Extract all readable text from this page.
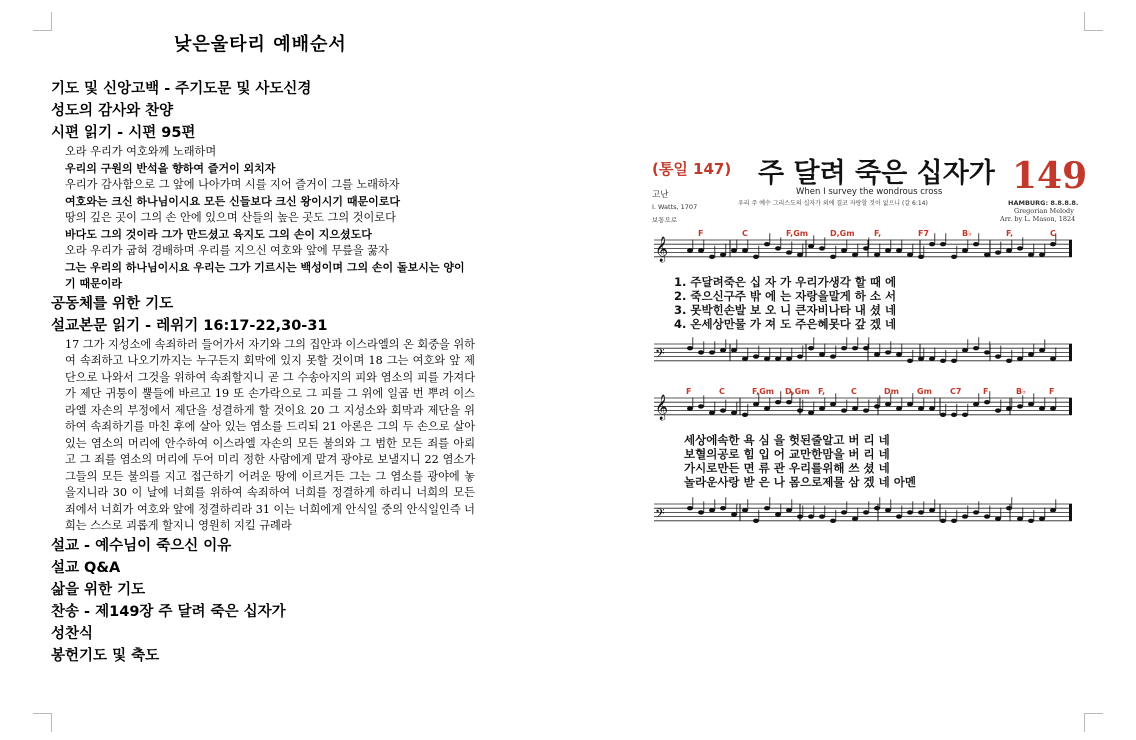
낮은울타리 예배순서
기도 및 신앙고백 - 주기도문 및 사도신경
성도의 감사와 찬양
시편 읽기 - 시편 95편
오라 우리가 여호와께 노래하며
우리의 구원의 반석을 향하여 즐거이 외치자
우리가 감사함으로 그 앞에 나아가며 시를 지어 즐거이 그를 노래하자
여호와는 크신 하나님이시요 모든 신들보다 크신 왕이시기 때문이로다
땅의 깊은 곳이 그의 손 안에 있으며 산들의 높은 곳도 그의 것이로다
바다도 그의 것이라 그가 만드셨고 육지도 그의 손이 지으셨도다
오라 우리가 굽혀 경배하며 우리를 지으신 여호와 앞에 무릎을 꿇자
그는 우리의 하나님이시요 우리는 그가 기르시는 백성이며 그의 손이 돌보시는 양이기 때문이라
공동체를 위한 기도
설교본문 읽기 - 레위기 16:17-22,30-31
17 그가 지성소에 속죄하러 들어가서 자기와 그의 집안과 이스라엘의 온 회중을 위하여 속죄하고 나오기까지는 누구든지 회막에 있지 못할 것이며 18 그는 여호와 앞 제단으로 나와서 그것을 위하여 속죄할지니 곧 그 수송아지의 피와 염소의 피를 가져다가 제단 귀퉁이 뿔들에 바르고 19 또 손가락으로 그 피를 그 위에 일곱 번 뿌려 이스라엘 자손의 부정에서 제단을 성결하게 할 것이요 20 그 지성소와 회막과 제단을 위하여 속죄하기를 마친 후에 살아 있는 염소를 드리되 21 아론은 그의 두 손으로 살아 있는 염소의 머리에 안수하여 이스라엘 자손의 모든 불의와 그 범한 모든 죄를 아뢰고 그 죄를 염소의 머리에 두어 미리 정한 사람에게 맡겨 광야로 보낼지니 22 염소가 그들의 모든 불의를 지고 접근하기 어려운 땅에 이르거든 그는 그 염소를 광야에 놓을지니라 30 이 날에 너희를 위하여 속죄하여 너희를 정결하게 하리니 너희의 모든 죄에서 너희가 여호와 앞에 정결하리라 31 이는 너희에게 안식일 중의 안식일인즉 너희는 스스로 괴롭게 할지니 영원히 지킬 규례라
설교 - 예수님이 죽으신 이유
설교 Q&A
삶을 위한 기도
찬송 - 제149장 주 달려 죽은 십자가
성찬식
봉헌기도 및 축도
(통일 147) 주 달려 죽은 십자가 149
When I survey the wondrous cross
고난
우리 주 예수 그리스도의 십자가 외에 결코 자랑할 것이 없으니 (갈 6:14)	HAMBURG: 8.8.8.8.
I. Watts, 1707	Gregorian Melody
Arr. by L. Mason, 1824
보통으로
F	C	F,Gm	D,Gm F,	F7	B♭	F,	C
𝄞
1. 주달려죽은 십 자 가 우리가생각 할 때 에
2. 죽으신구주 밖 에 는 자랑을말게 하 소 서
3. 못박힌손발 보 오 니 큰자비나타 내 셨 네
4. 온세상만물 가 져 도 주은혜못다 갚 겠 네
𝄢
F	C	F,Gm D,Gm F,	C	Dm Gm C7	F	B♭	F
𝄞
세상에속한 욕 심 을 헛된줄알고 버 리 네
보혈의공로 힘 입 어 교만한맘을 버 리 네
가시로만든 면 류 관 우리를위해 쓰 셨 네
놀라운사랑 받 은 나 몸으로제물 삼 겠 네 아멘
𝄢
